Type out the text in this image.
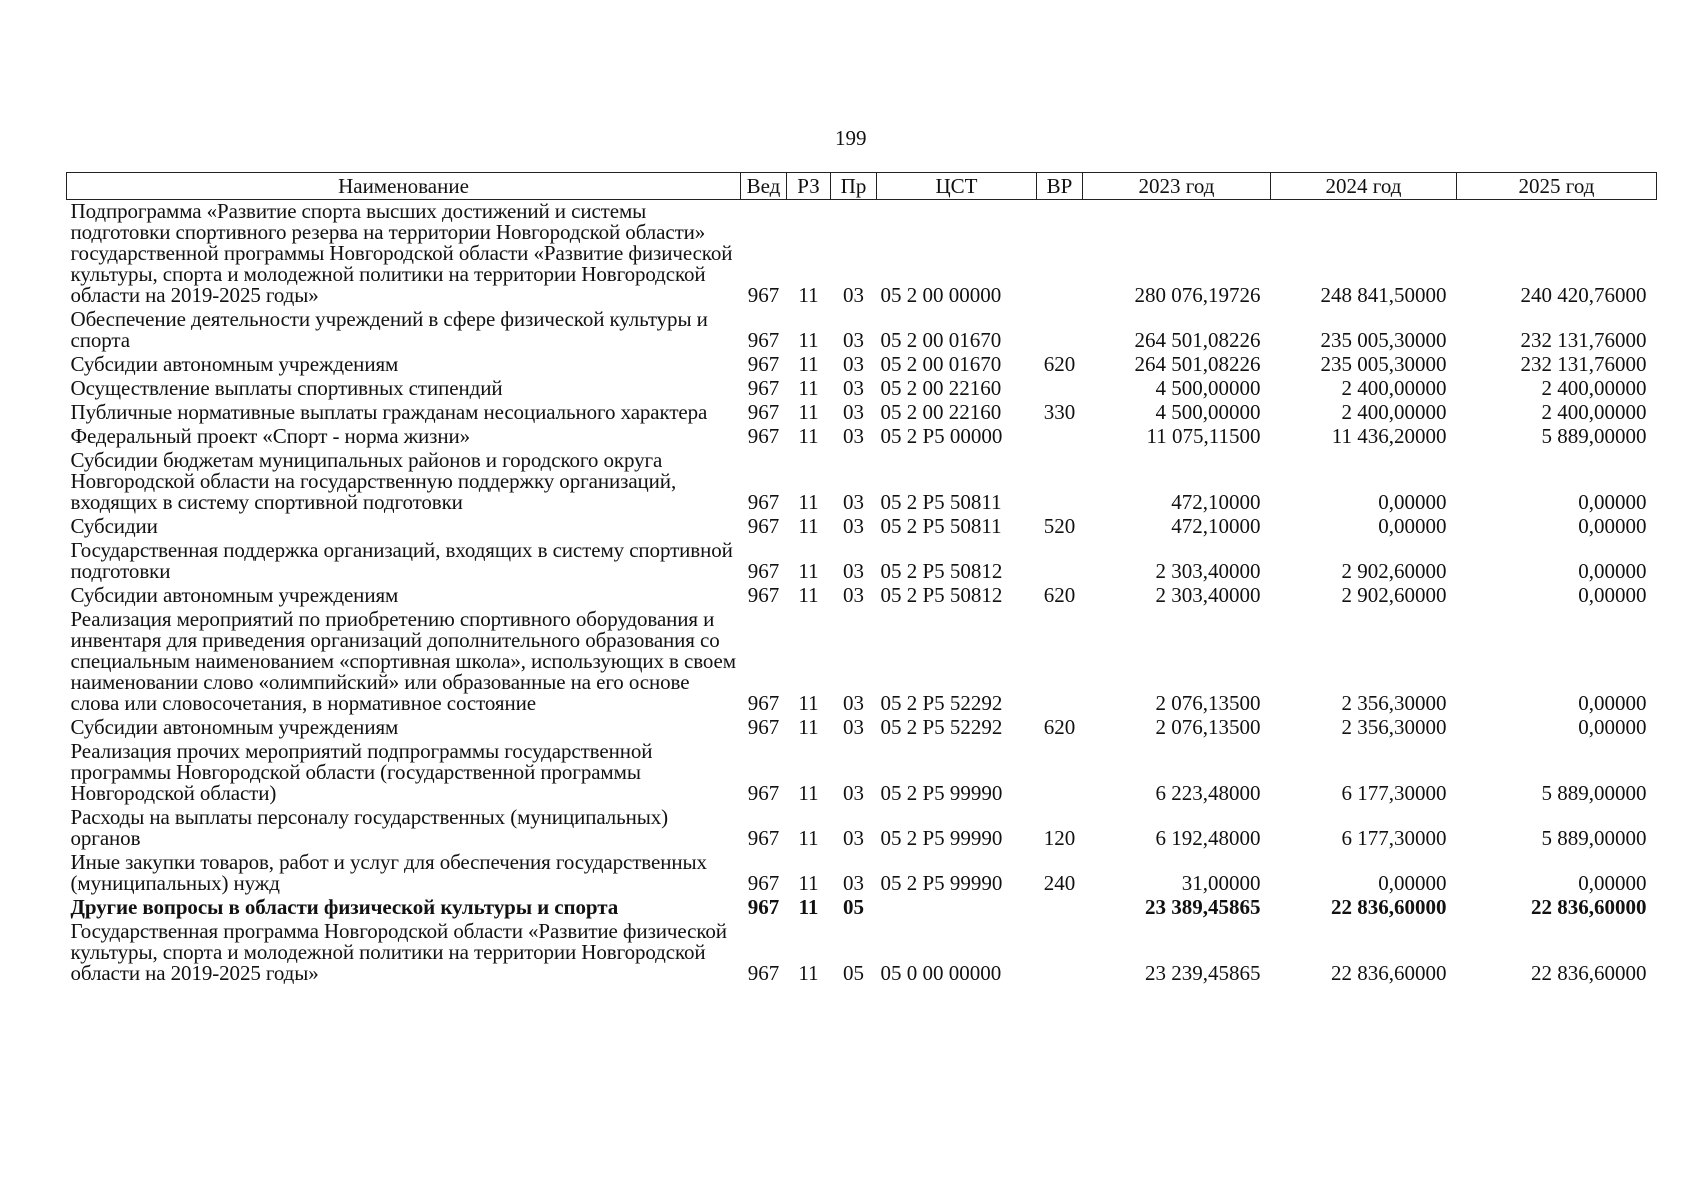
199
Наименование	Вед	РЗ	Пр	ЦСТ	ВР	2023 год	2024 год	2025 год
Подпрограмма «Развитие спорта высших достижений и системы подготовки спортивного резерва на территории Новгородской области» государственной программы Новгородской области «Развитие физической культуры, спорта и молодежной политики на территории Новгородской области на 2019-2025 годы»	967	11	03	05 2 00 00000		280 076,19726	248 841,50000	240 420,76000
Обеспечение деятельности учреждений в сфере физической культуры и спорта	967	11	03	05 2 00 01670		264 501,08226	235 005,30000	232 131,76000
Субсидии автономным учреждениям	967	11	03	05 2 00 01670	620	264 501,08226	235 005,30000	232 131,76000
Осуществление выплаты спортивных стипендий	967	11	03	05 2 00 22160		4 500,00000	2 400,00000	2 400,00000
Публичные нормативные выплаты гражданам несоциального характера	967	11	03	05 2 00 22160	330	4 500,00000	2 400,00000	2 400,00000
Федеральный проект «Спорт - норма жизни»	967	11	03	05 2 P5 00000		11 075,11500	11 436,20000	5 889,00000
Субсидии бюджетам муниципальных районов и городского округа Новгородской области на государственную поддержку организаций, входящих в систему спортивной подготовки	967	11	03	05 2 P5 50811		472,10000	0,00000	0,00000
Субсидии	967	11	03	05 2 P5 50811	520	472,10000	0,00000	0,00000
Государственная поддержка организаций, входящих в систему спортивной подготовки	967	11	03	05 2 P5 50812		2 303,40000	2 902,60000	0,00000
Субсидии автономным учреждениям	967	11	03	05 2 P5 50812	620	2 303,40000	2 902,60000	0,00000
Реализация мероприятий по приобретению спортивного оборудования и инвентаря для приведения организаций дополнительного образования со специальным наименованием «спортивная школа», использующих в своем наименовании слово «олимпийский» или образованные на его основе слова или словосочетания, в нормативное состояние	967	11	03	05 2 P5 52292		2 076,13500	2 356,30000	0,00000
Субсидии автономным учреждениям	967	11	03	05 2 P5 52292	620	2 076,13500	2 356,30000	0,00000
Реализация прочих мероприятий подпрограммы государственной программы Новгородской области (государственной программы Новгородской области)	967	11	03	05 2 P5 99990		6 223,48000	6 177,30000	5 889,00000
Расходы на выплаты персоналу государственных (муниципальных) органов	967	11	03	05 2 P5 99990	120	6 192,48000	6 177,30000	5 889,00000
Иные закупки товаров, работ и услуг для обеспечения государственных (муниципальных) нужд	967	11	03	05 2 P5 99990	240	31,00000	0,00000	0,00000
Другие вопросы в области физической культуры и спорта	967	11	05			23 389,45865	22 836,60000	22 836,60000
Государственная программа Новгородской области «Развитие физической культуры, спорта и молодежной политики на территории Новгородской области на 2019-2025 годы»	967	11	05	05 0 00 00000		23 239,45865	22 836,60000	22 836,60000
